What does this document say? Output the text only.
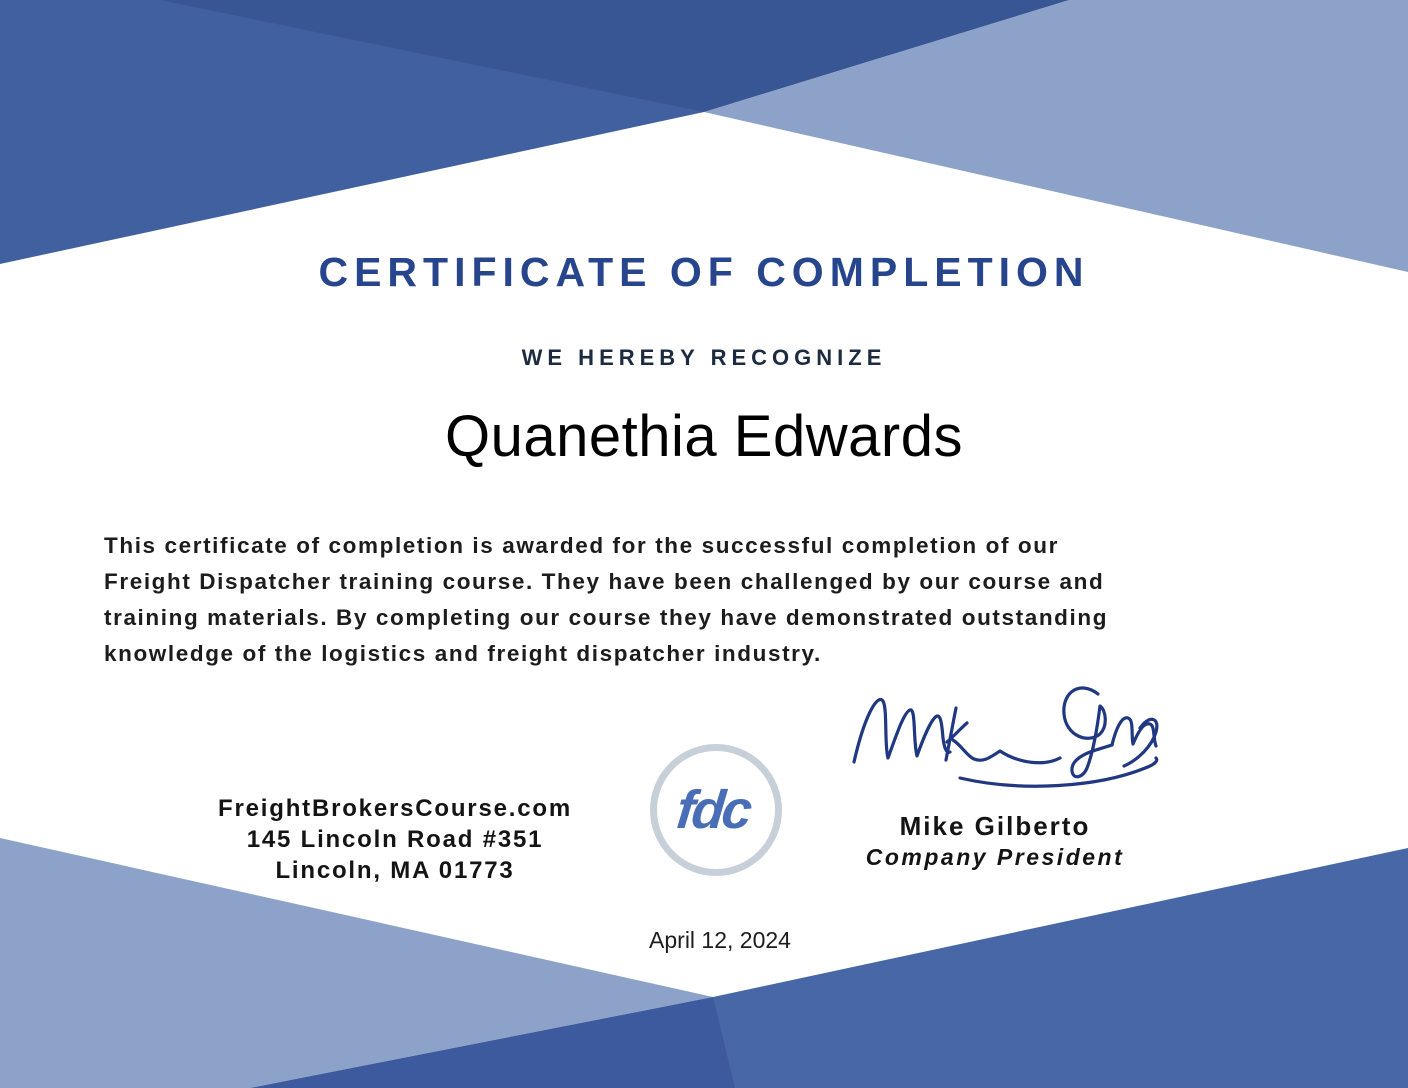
CERTIFICATE OF COMPLETION
WE HEREBY RECOGNIZE
Quanethia Edwards
This certificate of completion is awarded for the successful completion of our
Freight Dispatcher training course. They have been challenged by our course and
training materials. By completing our course they have demonstrated outstanding
knowledge of the logistics and freight dispatcher industry.
FreightBrokersCourse.com
145 Lincoln Road #351
Lincoln, MA 01773
fdc	Mike Gilberto
Company President
April 12, 2024
